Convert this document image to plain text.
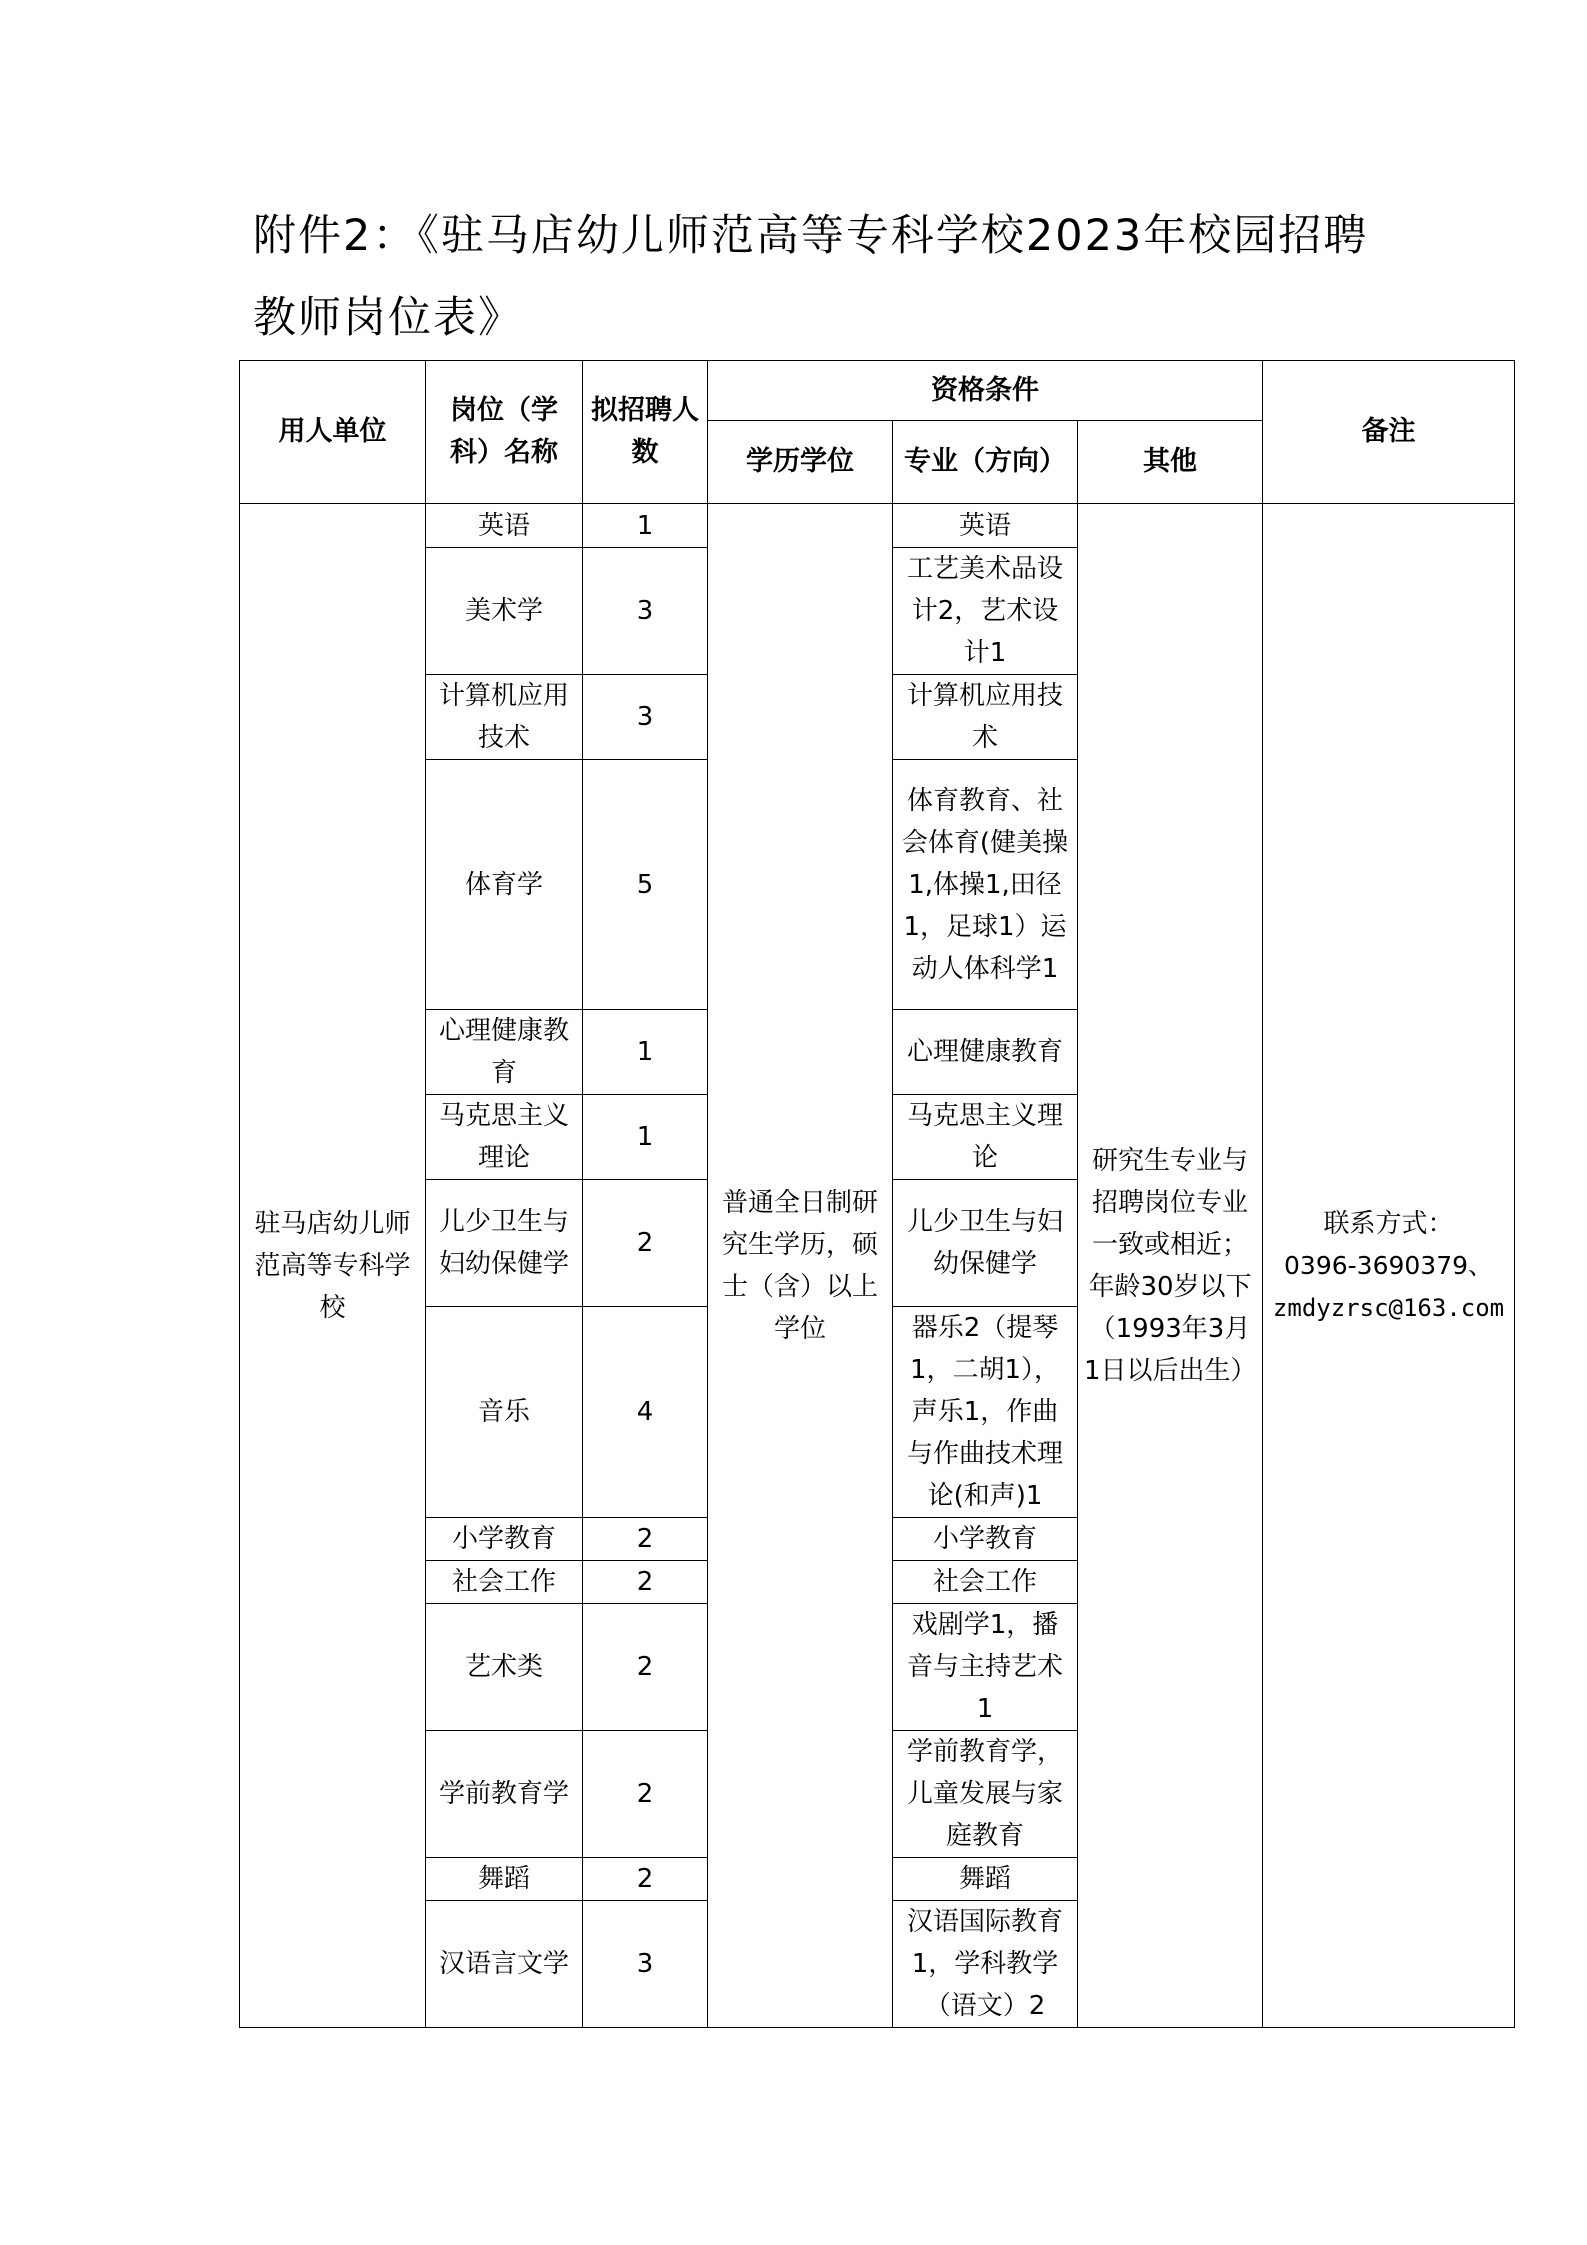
附件2：《驻马店幼儿师范高等专科学校2023年校园招聘
教师岗位表》
用人单位	岗位（学科）名称	拟招聘人数	资格条件			备注
			学历学位	专业（方向）	其他	
驻马店幼儿师范高等专科学校	英语	1	普通全日制研究生学历，硕士（含）以上学位	英语	研究生专业与招聘岗位专业一致或相近；年龄30岁以下（1993年3月1日以后出生）	联系方式：
0396-3690379、
zmdyzrsc@163.com

	美术学	3		工艺美术品设计2，艺术设计1		
	计算机应用技术	3		计算机应用技术		
	体育学	5		体育教育、社会体育(健美操1,体操1,田径1，足球1）运动人体科学1		
	心理健康教育	1		心理健康教育		
	马克思主义理论	1		马克思主义理论		
	儿少卫生与妇幼保健学	2		儿少卫生与妇幼保健学		
	音乐	4		器乐2（提琴1，二胡1），声乐1，作曲与作曲技术理论(和声)1		
	小学教育	2		小学教育		
	社会工作	2		社会工作		
	艺术类	2		戏剧学1，播音与主持艺术1		
	学前教育学	2		学前教育学，儿童发展与家庭教育		
	舞蹈	2		舞蹈		
	汉语言文学	3		汉语国际教育1，学科教学（语文）2		
